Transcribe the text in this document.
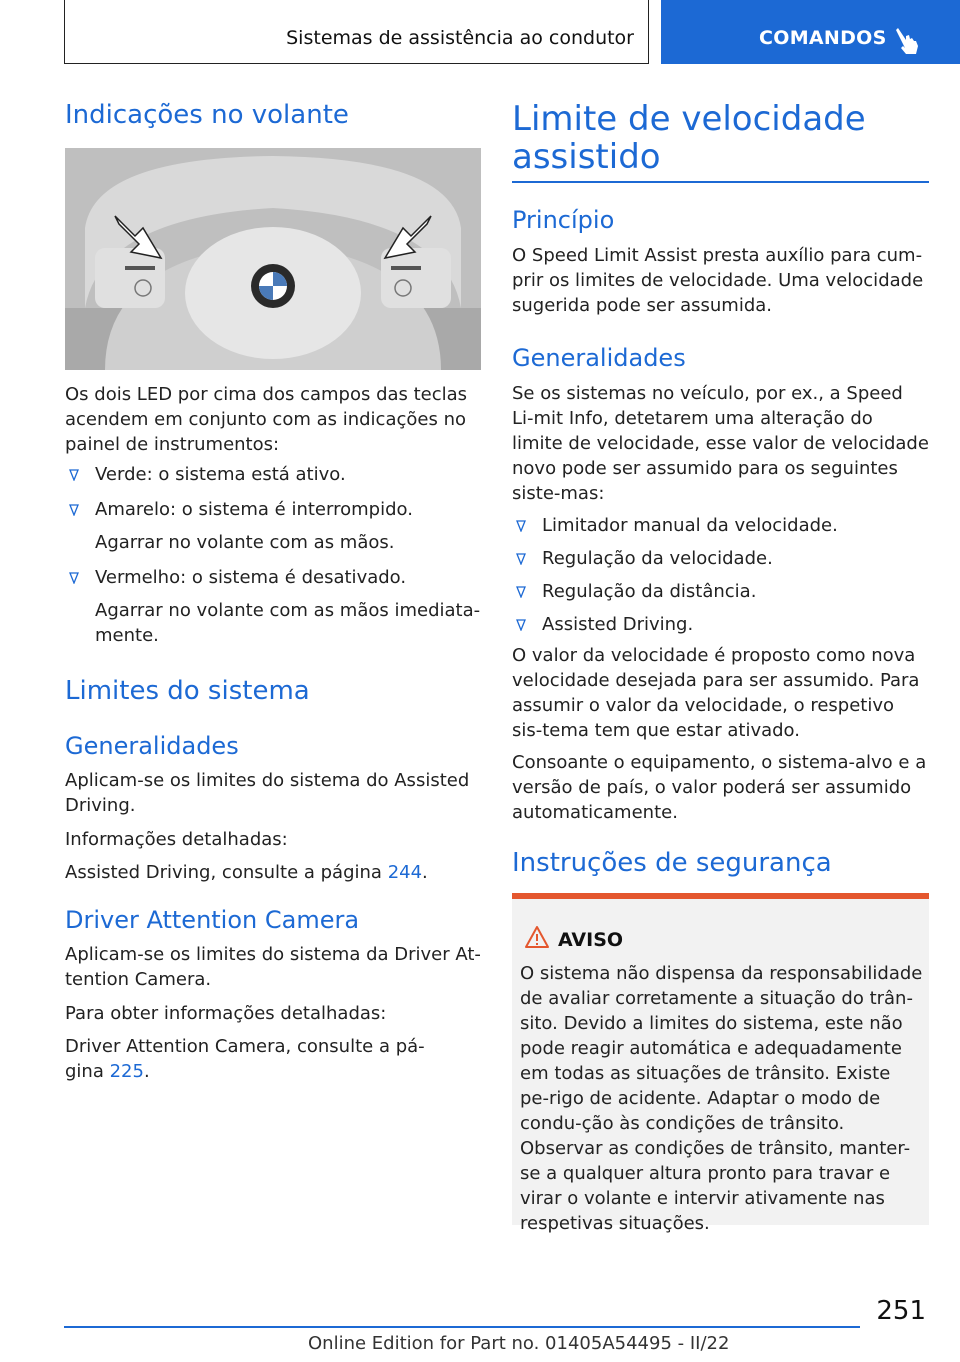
Sistemas de assistência ao condutor	COMANDOS
Indicações no volante

Os dois LED por cima dos campos das teclas acendem em conjunto com as indicações no painel de instrumentos:

Verde: o sistema está ativo.
Amarelo: o sistema é interrompido.
Agarrar no volante com as mãos.
Vermelho: o sistema é desativado.
Agarrar no volante com as mãos imediata‐mente.
Limites do sistema
Generalidades

Aplicam-se os limites do sistema do Assisted Driving.

Informações detalhadas:

Assisted Driving, consulte a página 244.

Driver Attention Camera

Aplicam-se os limites do sistema da Driver At‐tention Camera.

Para obter informações detalhadas:

Driver Attention Camera, consulte a pá‐gina 225.

Limite de velocidade assistido
Princípio

O Speed Limit Assist presta auxílio para cum‐prir os limites de velocidade. Uma velocidade sugerida pode ser assumida.

Generalidades

Se os sistemas no veículo, por ex., a Speed Li‐mit Info, detetarem uma alteração do limite de velocidade, esse valor de velocidade novo pode ser assumido para os seguintes siste‐mas:

Limitador manual da velocidade.
Regulação da velocidade.
Regulação da distância.
Assisted Driving.

O valor da velocidade é proposto como nova velocidade desejada para ser assumido. Para assumir o valor da velocidade, o respetivo sis‐tema tem que estar ativado.

Consoante o equipamento, o sistema-alvo e a versão de país, o valor poderá ser assumido automaticamente.

Instruções de segurança
AVISO

O sistema não dispensa da responsabilidade de avaliar corretamente a situação do trân‐sito. Devido a limites do sistema, este não pode reagir automática e adequadamente em todas as situações de trânsito. Existe pe‐rigo de acidente. Adaptar o modo de condu‐ção às condições de trânsito. Observar as condições de trânsito, manter-se a qualquer altura pronto para travar e virar o volante e intervir ativamente nas respetivas situações.

251
Online Edition for Part no. 01405A54495 - II/22
